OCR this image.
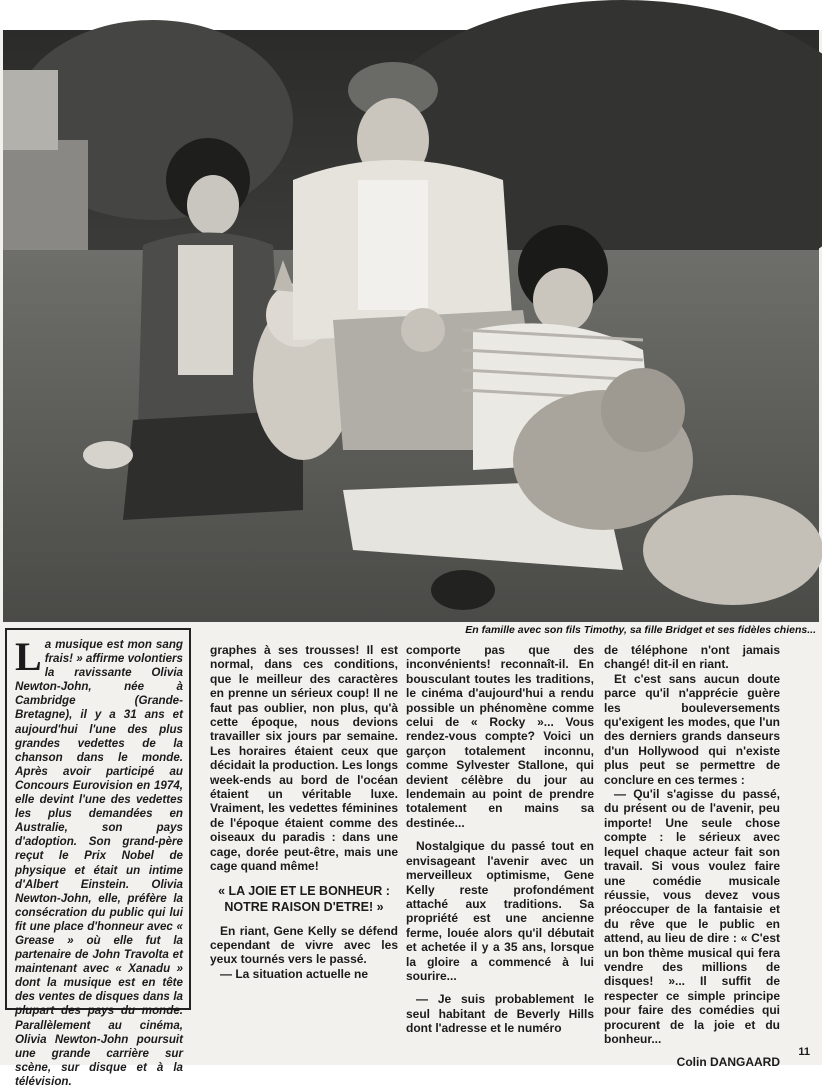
En famille avec son fils Timothy, sa fille Bridget et ses fidèles chiens...

La musique est mon sang frais! » affirme volontiers la ravissante Olivia Newton-John, née à Cambridge (Grande-Bretagne), il y a 31 ans et aujourd'hui l'une des plus grandes vedettes de la chanson dans le monde. Après avoir participé au Concours Eurovision en 1974, elle devint l'une des vedettes les plus demandées en Australie, son pays d'adoption. Son grand-père reçut le Prix Nobel de physique et était un intime d'Albert Einstein. Olivia Newton-John, elle, préfère la consécration du public qui lui fit une place d'honneur avec « Grease » où elle fut la partenaire de John Travolta et maintenant avec « Xanadu » dont la musique est en tête des ventes de disques dans la plupart des pays du monde. Parallèlement au cinéma, Olivia Newton-John poursuit une grande carrière sur scène, sur disque et à la télévision.

graphes à ses trousses! Il est normal, dans ces conditions, que le meilleur des caractères en prenne un sérieux coup! Il ne faut pas oublier, non plus, qu'à cette époque, nous devions travailler six jours par semaine. Les horaires étaient ceux que décidait la production. Les longs week-ends au bord de l'océan étaient un véritable luxe. Vraiment, les vedettes féminines de l'époque étaient comme des oiseaux du paradis : dans une cage, dorée peut-être, mais une cage quand même!

« LA JOIE ET LE BONHEUR : NOTRE RAISON D'ETRE! »

En riant, Gene Kelly se défend cependant de vivre avec les yeux tournés vers le passé.

— La situation actuelle ne

comporte pas que des inconvénients! reconnaît-il. En bousculant toutes les traditions, le cinéma d'aujourd'hui a rendu possible un phénomène comme celui de « Rocky »... Vous rendez-vous compte? Voici un garçon totalement inconnu, comme Sylvester Stallone, qui devient célèbre du jour au lendemain au point de prendre totalement en mains sa destinée...

Nostalgique du passé tout en envisageant l'avenir avec un merveilleux optimisme, Gene Kelly reste profondément attaché aux traditions. Sa propriété est une ancienne ferme, louée alors qu'il débutait et achetée il y a 35 ans, lorsque la gloire a commencé à lui sourire...

— Je suis probablement le seul habitant de Beverly Hills dont l'adresse et le numéro

de téléphone n'ont jamais changé! dit-il en riant.

Et c'est sans aucun doute parce qu'il n'apprécie guère les bouleversements qu'exigent les modes, que l'un des derniers grands danseurs d'un Hollywood qui n'existe plus peut se permettre de conclure en ces termes :

— Qu'il s'agisse du passé, du présent ou de l'avenir, peu importe! Une seule chose compte : le sérieux avec lequel chaque acteur fait son travail. Si vous voulez faire une comédie musicale réussie, vous devez vous préoccuper de la fantaisie et du rêve que le public en attend, au lieu de dire : « C'est un bon thème musical qui fera vendre des millions de disques! »... Il suffit de respecter ce simple principe pour faire des comédies qui procurent de la joie et du bonheur...

Colin DANGAARD

11
